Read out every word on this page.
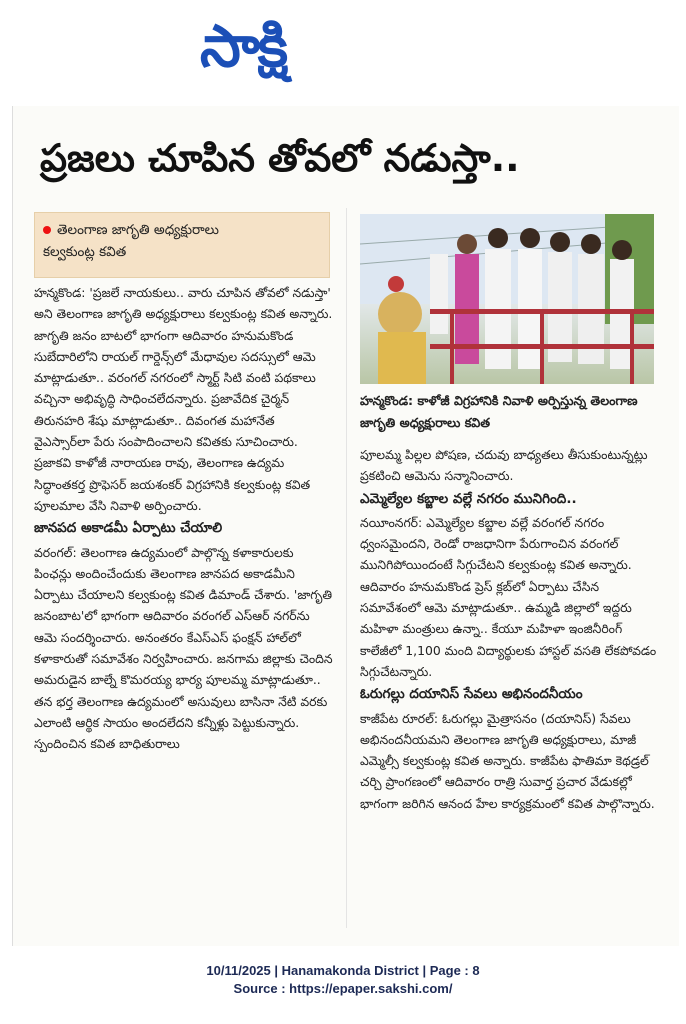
సాక్షి
ప్రజలు చూపిన తోవలో నడుస్తా..
తెలంగాణ జాగృతి అధ్యక్షురాలు
కల్వకుంట్ల కవిత

హన్మకొండ: 'ప్రజలే నాయకులు.. వారు చూపిన తోవలో నడుస్తా' అని తెలంగాణ జాగృతి అధ్యక్షురాలు కల్వకుంట్ల కవిత అన్నారు. జాగృతి జనం బాటలో భాగంగా ఆదివారం హనుమకొండ సుబేదారిలోని రాయల్ గార్డెన్స్‌లో మేధావుల సదస్సులో ఆమె మాట్లాడుతూ.. వరంగల్ నగరంలో స్మార్ట్ సిటి వంటి పథకాలు వచ్చినా అభివృద్ధి సాధించలేదన్నారు. ప్రజావేదిక చైర్మన్ తిరునహరి శేషు మాట్లాడుతూ.. దివంగత మహానేత వైఎస్సార్‌లా పేరు సంపాదించాలని కవితకు సూచించారు. ప్రజాకవి కాళోజీ నారాయణ రావు, తెలంగాణ ఉద్యమ సిద్ధాంతకర్త ప్రొఫెసర్ జయశంకర్ విగ్రహానికి కల్వకుంట్ల కవిత పూలమాల వేసి నివాళి అర్పించారు.

జానపద అకాడమీ ఏర్పాటు చేయాలి

వరంగల్: తెలంగాణ ఉద్యమంలో పాల్గొన్న కళాకారులకు పింఛన్లు అందించేందుకు తెలంగాణ జానపద అకాడమీని ఏర్పాటు చేయాలని కల్వకుంట్ల కవిత డిమాండ్ చేశారు. 'జాగృతి జనంబాట'లో భాగంగా ఆదివారం వరంగల్ ఎస్ఆర్ నగర్‌ను ఆమె సందర్శించారు. అనంతరం కేఎస్ఎస్ ఫంక్షన్ హాల్‌లో కళాకారుతో సమావేశం నిర్వహించారు. జనగామ జిల్లాకు చెందిన అమరుడైన బాల్నే కొమరయ్య భార్య పూలమ్మ మాట్లాడుతూ.. తన భర్త తెలంగాణ ఉద్యమంలో అసువులు బాసినా నేటి వరకు ఎలాంటి ఆర్థిక సాయం అందలేదని కన్నీళ్లు పెట్టుకున్నారు. స్పందించిన కవిత బాధితురాలు

హన్మకొండ: కాళోజీ విగ్రహానికి నివాళి అర్పిస్తున్న తెలంగాణ జాగృతి అధ్యక్షురాలు కవిత

పూలమ్మ పిల్లల పోషణ, చదువు బాధ్యతలు తీసుకుంటున్నట్లు ప్రకటించి ఆమెను సన్మానించారు.

ఎమ్మెల్యేల కబ్జాల వల్లే నగరం మునిగింది..

నయీంనగర్: ఎమ్మెల్యేల కబ్జాల వల్లే వరంగల్ నగరం ధ్వంసమైందని, రెండో రాజధానిగా పేరుగాంచిన వరంగల్ మునిగిపోయిందంటే సిగ్గుచేటని కల్వకుంట్ల కవిత అన్నారు. ఆదివారం హనుమకొండ ప్రెస్ క్లబ్‌లో ఏర్పాటు చేసిన సమావేశంలో ఆమె మాట్లాడుతూ.. ఉమ్మడి జిల్లాలో ఇద్దరు మహిళా మంత్రులు ఉన్నా.. కేయూ మహిళా ఇంజినీరింగ్ కాలేజీలో 1,100 మంది విద్యార్థులకు హాస్టల్ వసతి లేకపోవడం సిగ్గుచేటన్నారు.

ఓరుగల్లు దయానిస్ సేవలు అభినందనీయం

కాజీపేట రూరల్: ఓరుగల్లు మైత్రాసనం (దయానిస్) సేవలు అభినందనీయమని తెలంగాణ జాగృతి అధ్యక్షురాలు, మాజీ ఎమ్మెల్సీ కల్వకుంట్ల కవిత అన్నారు. కాజీపేట ఫాతిమా కెథడ్రల్ చర్చి ప్రాంగణంలో ఆదివారం రాత్రి సువార్త ప్రచార వేడుకల్లో భాగంగా జరిగిన ఆనంద హేల కార్యక్రమంలో కవిత పాల్గొన్నారు.

10/11/2025 | Hanamakonda District | Page : 8
Source : https://epaper.sakshi.com/
